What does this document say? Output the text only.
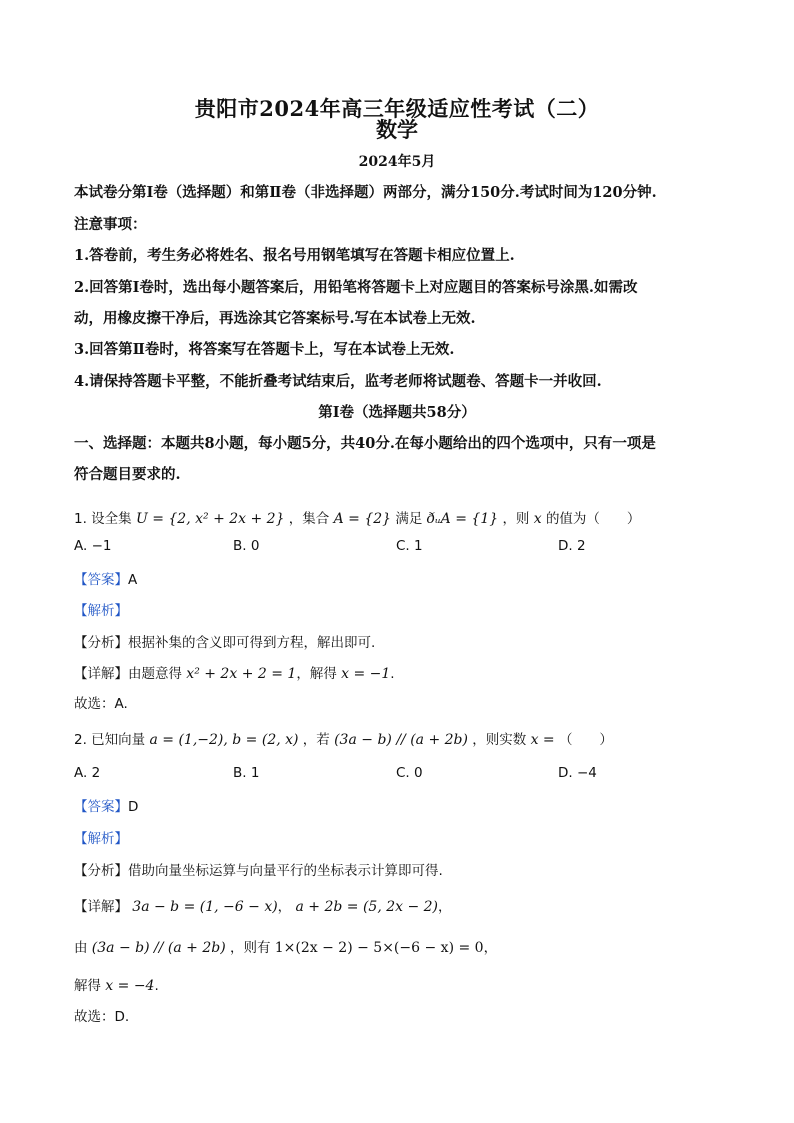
贵阳市2024年高三年级适应性考试（二）
数学
2024年5月
本试卷分第Ⅰ卷（选择题）和第Ⅱ卷（非选择题）两部分，满分150分.考试时间为120分钟.
注意事项：
1.答卷前，考生务必将姓名、报名号用钢笔填写在答题卡相应位置上.
2.回答第Ⅰ卷时，选出每小题答案后，用铅笔将答题卡上对应题目的答案标号涂黑.如需改
动，用橡皮擦干净后，再选涂其它答案标号.写在本试卷上无效.
3.回答第Ⅱ卷时，将答案写在答题卡上，写在本试卷上无效.
4.请保持答题卡平整，不能折叠考试结束后，监考老师将试题卷、答题卡一并收回.
第Ⅰ卷（选择题共58分）
一、选择题：本题共8小题，每小题5分，共40分.在每小题给出的四个选项中，只有一项是
符合题目要求的.
1. 设全集 U = {2, x² + 2x + 2} ，集合 A = {2} 满足 ðᵤA = {1} ，则 x 的值为（　　）
A. −1	B. 0	C. 1	D. 2
【答案】A
【解析】
【分析】根据补集的含义即可得到方程，解出即可.
【详解】由题意得 x² + 2x + 2 = 1，解得 x = −1.
故选：A.
2. 已知向量 a = (1,−2), b = (2, x) ，若 (3a − b) // (a + 2b) ，则实数 x = （　　）
A. 2	B. 1	C. 0	D. −4
【答案】D
【解析】
【分析】借助向量坐标运算与向量平行的坐标表示计算即可得.
【详解】 3a − b = (1, −6 − x)， a + 2b = (5, 2x − 2)，
由 (3a − b) // (a + 2b) ，则有 1×(2x − 2) − 5×(−6 − x) = 0，
解得 x = −4.
故选：D.
